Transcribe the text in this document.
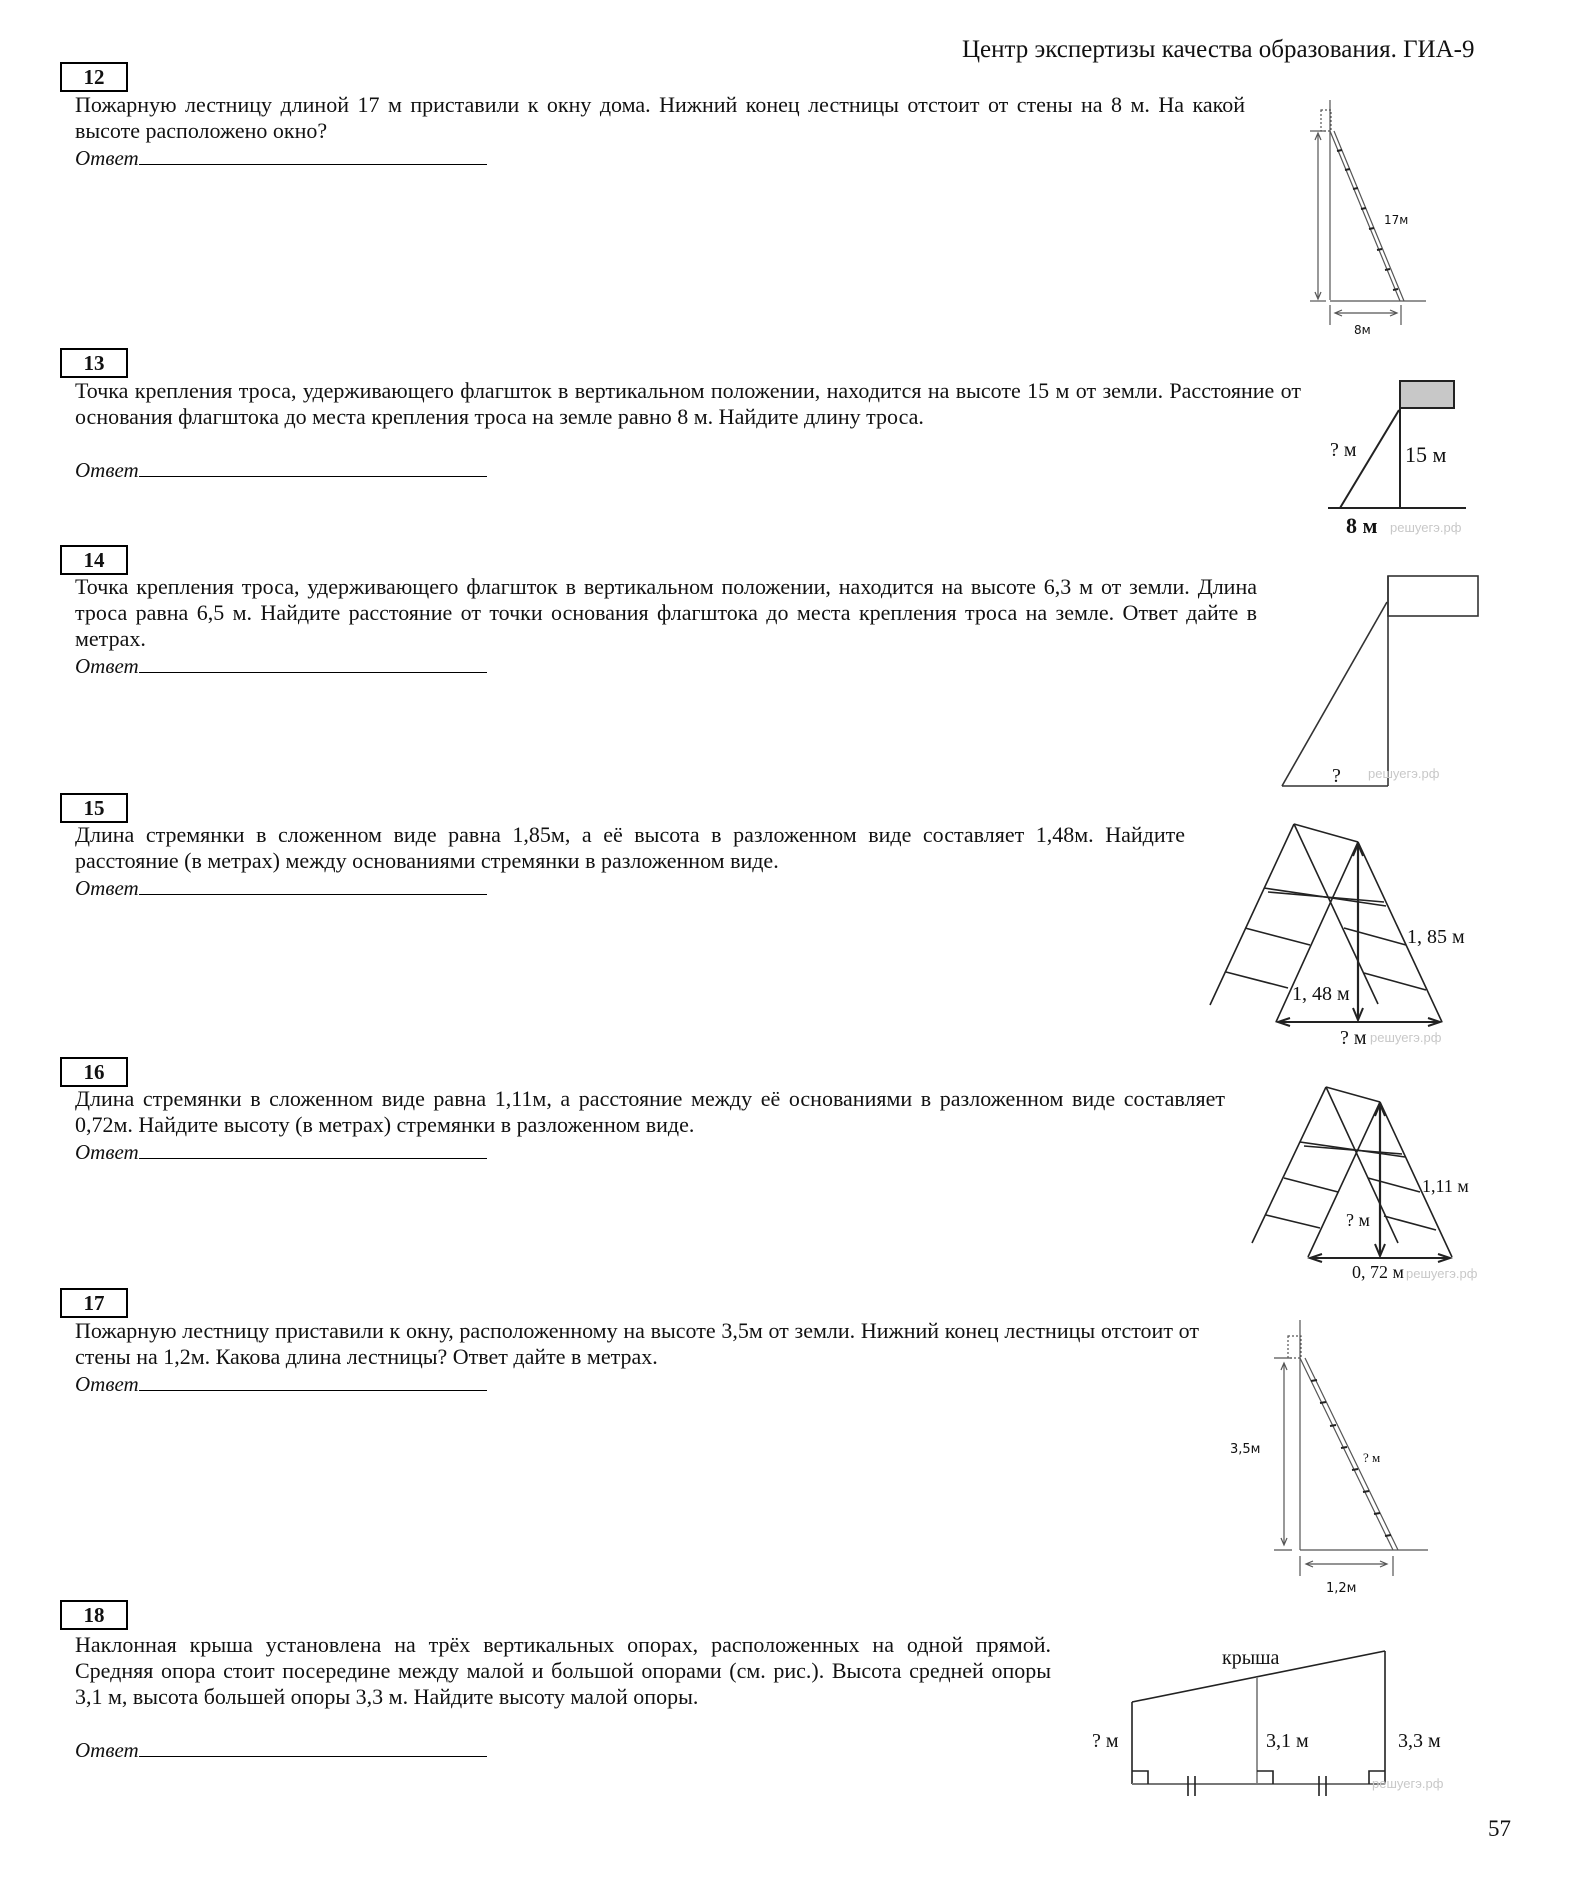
Центр экспертизы качества образования. ГИА-9
12
Пожарную лестницу длиной 17 м приставили к окну дома. Нижний конец лестницы отстоит от стены на 8 м. На какой высоте расположено окно?
Ответ
17м
8м
13
Точка крепления троса, удерживающего флагшток в вертикальном положении, находится на высоте 15 м от земли. Расстояние от основания флагштока до места крепления троса на земле равно 8 м. Найдите длину троса.
Ответ
? м 15 м
8 м решуегэ.рф
14
Точка крепления троса, удерживающего флагшток в вертикальном положении, находится на высоте 6,3 м от земли. Длина троса равна 6,5 м. Найдите расстояние от точки основания флагштока до места крепления троса на земле. Ответ дайте в метрах.
Ответ
? решуегэ.рф
15
Длина стремянки в сложенном виде равна 1,85м, а её высота в разложенном виде составляет 1,48м. Найдите расстояние (в метрах) между основаниями стремянки в разложенном виде.
Ответ
1, 85 м
1, 48 м
? м решуегэ.рф
16
Длина стремянки в сложенном виде равна 1,11м, а расстояние между её основаниями в разложенном виде составляет 0,72м. Найдите высоту (в метрах) стремянки в разложенном виде.
Ответ
1,11 м
? м
0, 72 м решуегэ.рф
17
Пожарную лестницу приставили к окну, расположенному на высоте 3,5м от земли. Нижний конец лестницы отстоит от стены на 1,2м. Какова длина лестницы? Ответ дайте в метрах.
Ответ
3,5м
? м
1,2м
18
Наклонная крыша установлена на трёх вертикальных опорах, расположенных на одной прямой. Средняя опора стоит посередине между малой и большой опорами (см. рис.). Высота средней опоры 3,1 м, высота большей опоры 3,3 м. Найдите высоту малой опоры.
Ответ
крыша
? м	3,1 м	3,3 м
решуегэ.рф
57
